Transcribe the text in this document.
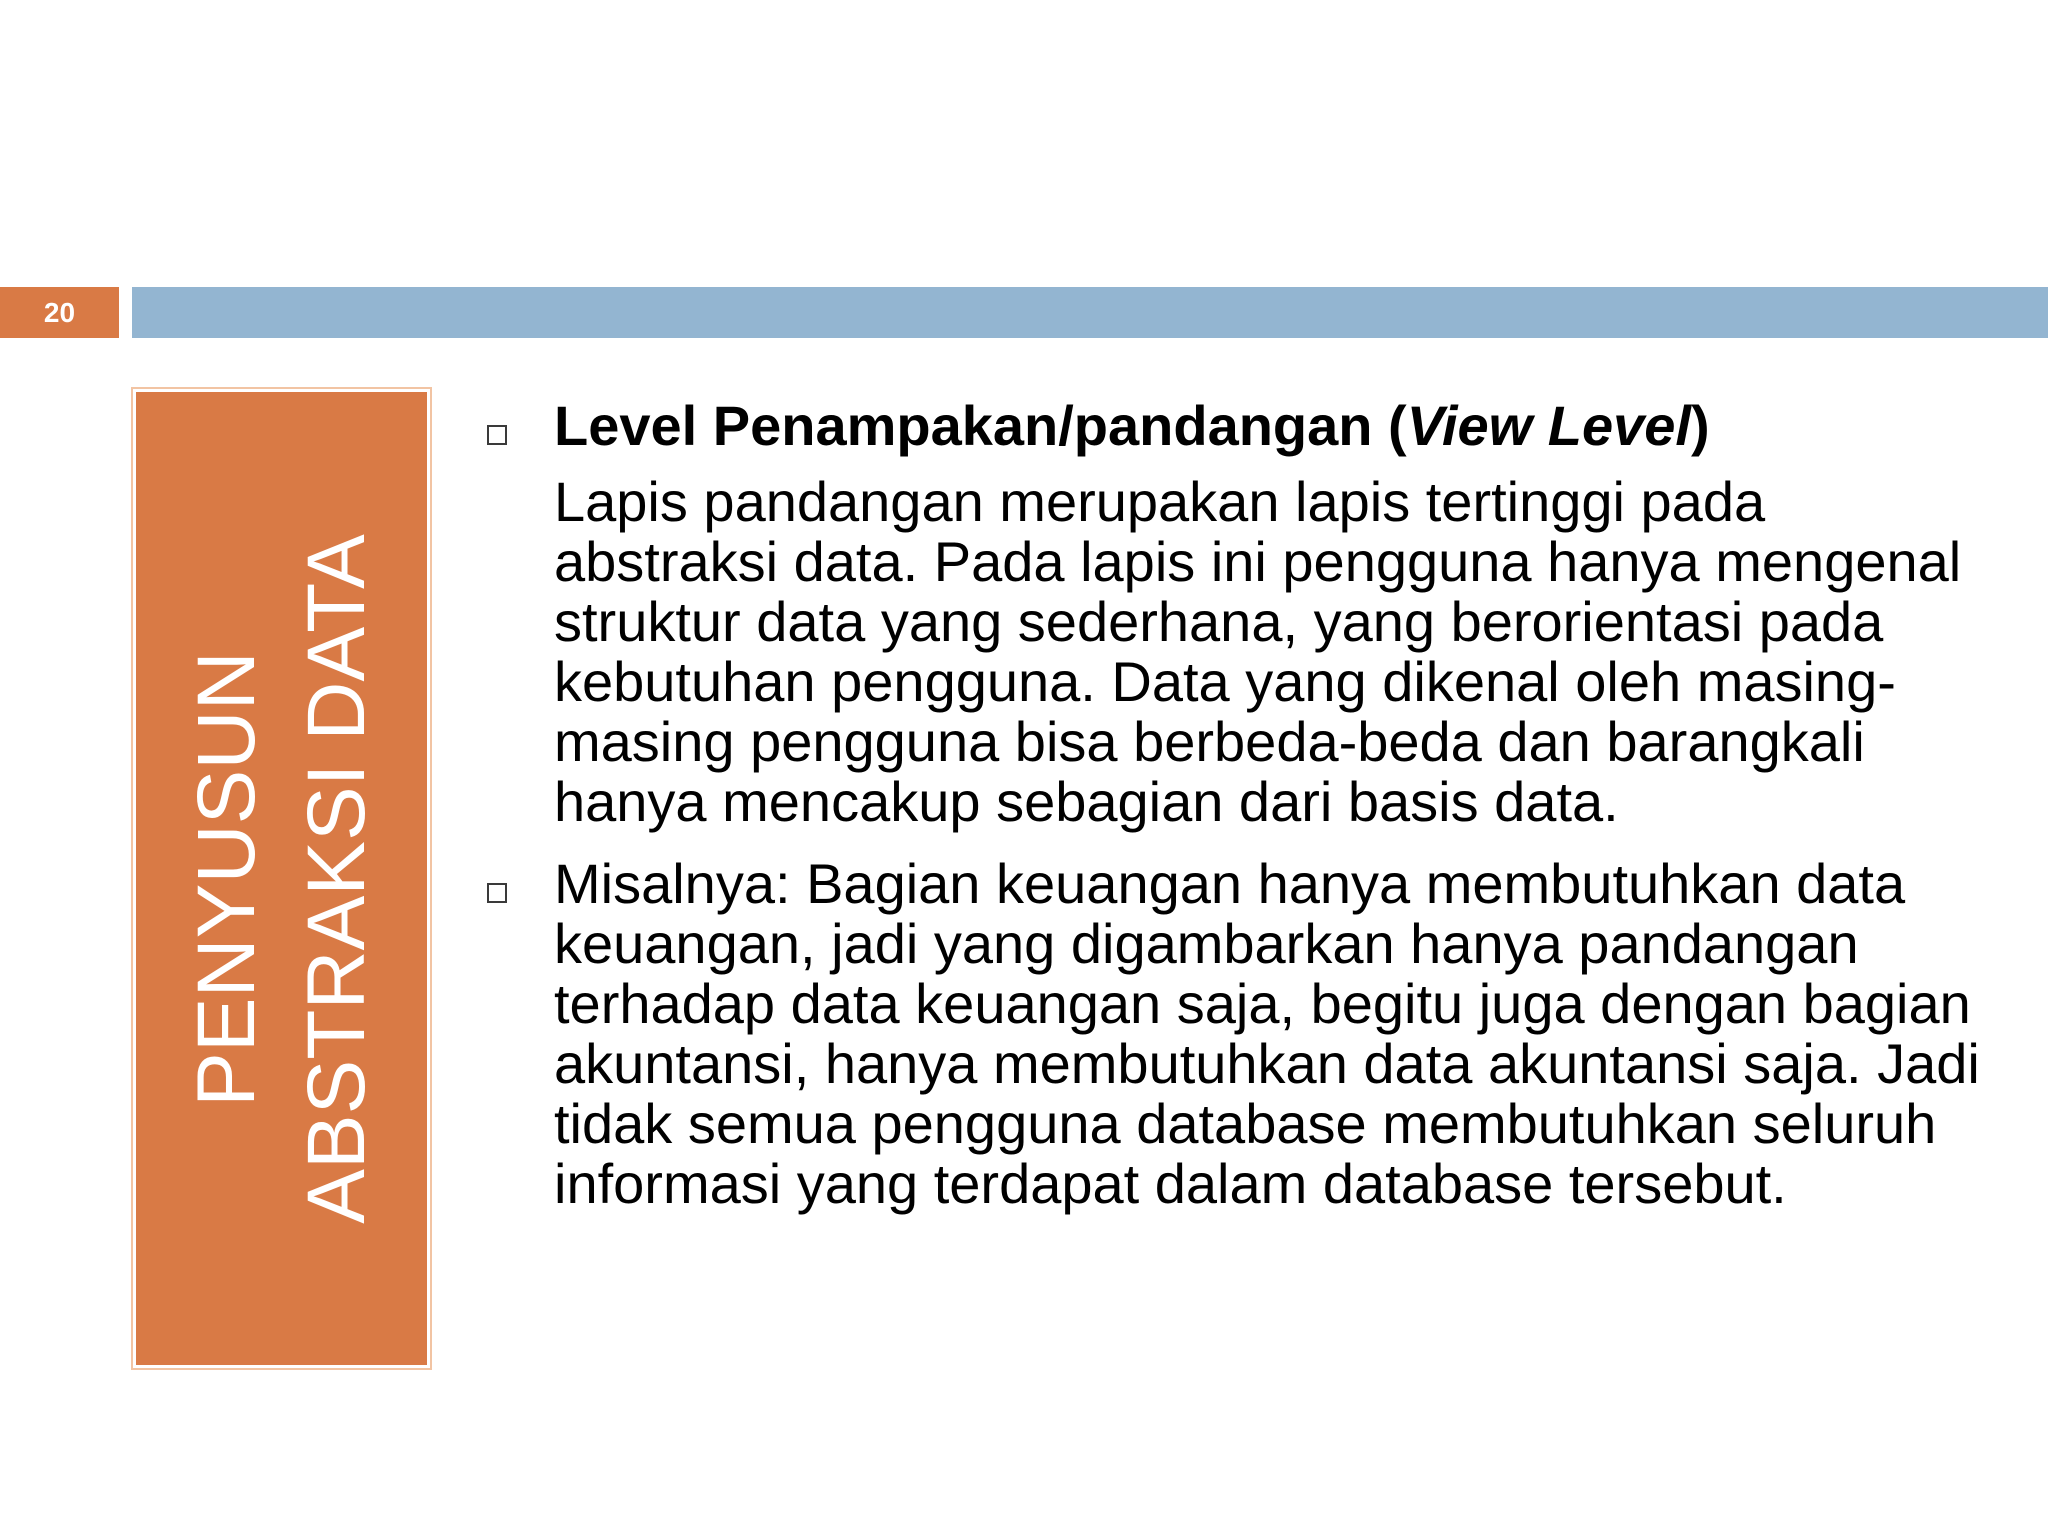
20
PENYUSUN ABSTRAKSI DATA

Level Penampakan/pandangan (View Level)

Lapis pandangan merupakan lapis tertinggi pada abstraksi data. Pada lapis ini pengguna hanya mengenal struktur data yang sederhana, yang berorientasi pada kebutuhan pengguna. Data yang dikenal oleh masing-masing pengguna bisa berbeda-beda dan barangkali hanya mencakup sebagian dari basis data.

Misalnya: Bagian keuangan hanya membutuhkan data keuangan, jadi yang digambarkan hanya pandangan terhadap data keuangan saja, begitu juga dengan bagian akuntansi, hanya membutuhkan data akuntansi saja. Jadi tidak semua pengguna database membutuhkan seluruh informasi yang terdapat dalam database tersebut.
